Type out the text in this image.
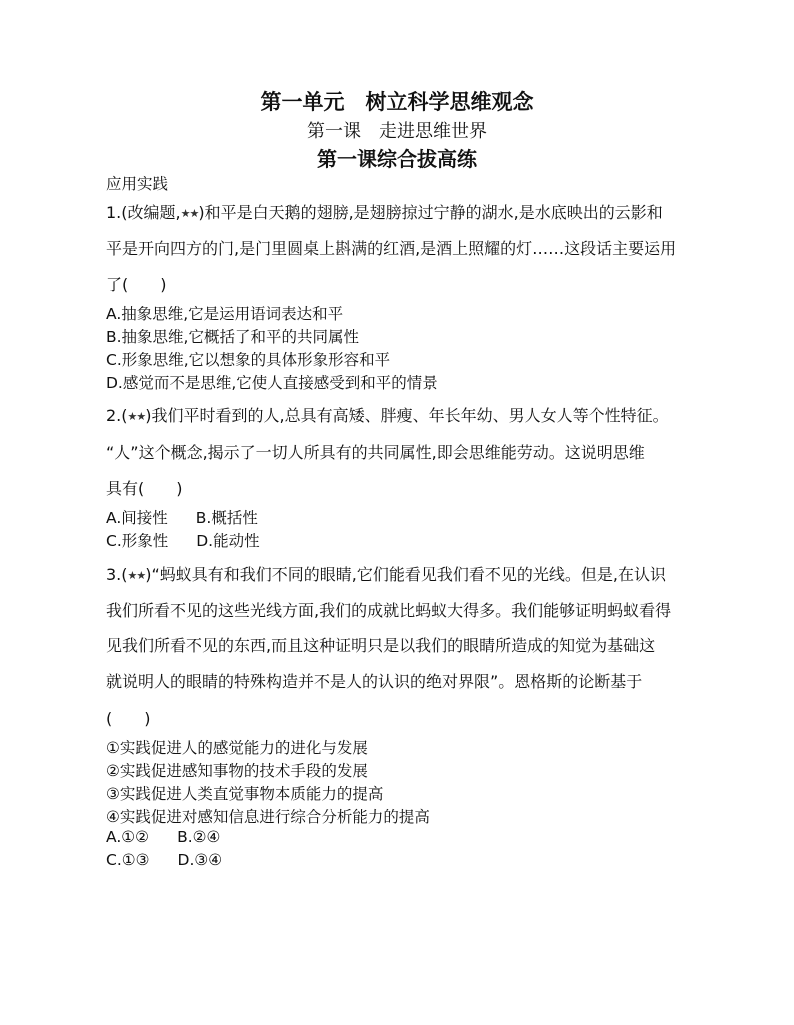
第一单元　树立科学思维观念
第一课　走进思维世界
第一课综合拔高练
应用实践
1.(改编题,★★)和平是白天鹅的翅膀,是翅膀掠过宁静的湖水,是水底映出的云影和
平是开向四方的门,是门里圆桌上斟满的红酒,是酒上照耀的灯……这段话主要运用
了(　　)
A.抽象思维,它是运用语词表达和平
B.抽象思维,它概括了和平的共同属性
C.形象思维,它以想象的具体形象形容和平
D.感觉而不是思维,它使人直接感受到和平的情景
2.(★★)我们平时看到的人,总具有高矮、胖瘦、年长年幼、男人女人等个性特征。
“人”这个概念,揭示了一切人所具有的共同属性,即会思维能劳动。这说明思维
具有(　　)
A.间接性 B.概括性
C.形象性 D.能动性
3.(★★)“蚂蚁具有和我们不同的眼睛,它们能看见我们看不见的光线。但是,在认识
我们所看不见的这些光线方面,我们的成就比蚂蚁大得多。我们能够证明蚂蚁看得
见我们所看不见的东西,而且这种证明只是以我们的眼睛所造成的知觉为基础这
就说明人的眼睛的特殊构造并不是人的认识的绝对界限”。恩格斯的论断基于
(　　)
①实践促进人的感觉能力的进化与发展
②实践促进感知事物的技术手段的发展
③实践促进人类直觉事物本质能力的提高
④实践促进对感知信息进行综合分析能力的提高
A.①② B.②④
C.①③ D.③④
